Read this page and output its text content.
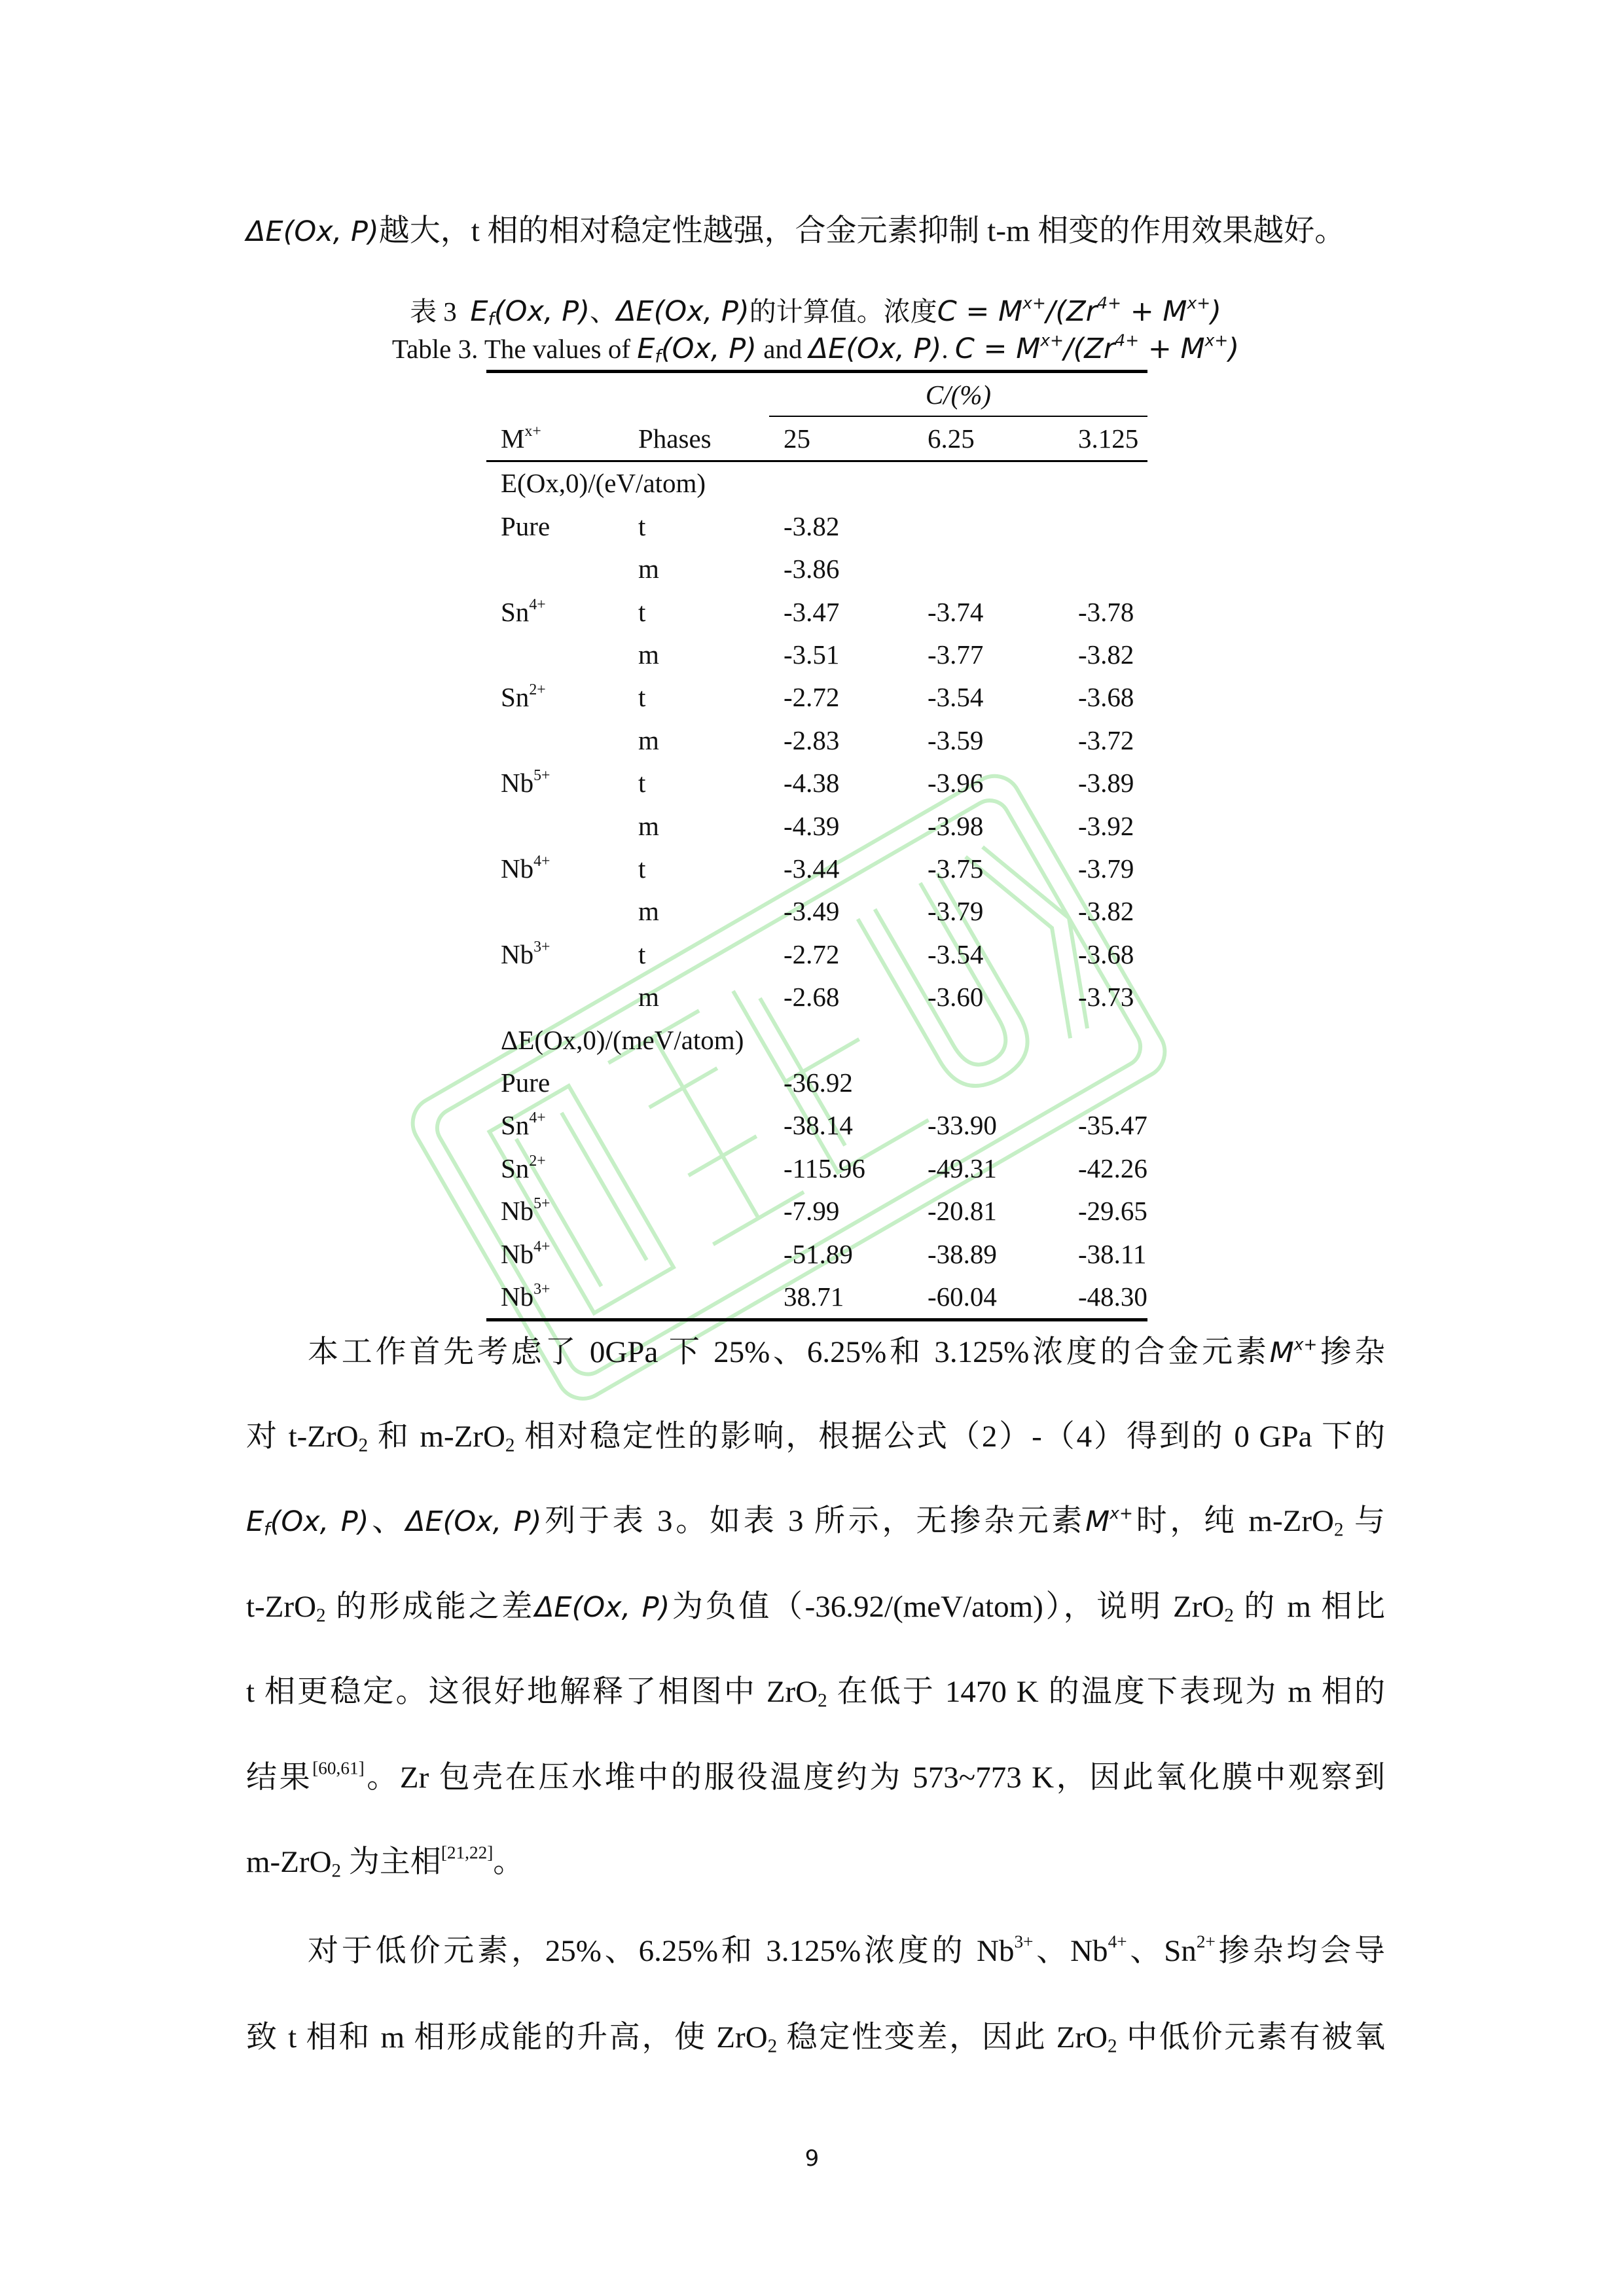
ΔE(Ox, P)越大，t 相的相对稳定性越强，合金元素抑制 t-m 相变的作用效果越好。

表 3 $E_f(Ox$, P)、ΔE(Ox, P)的计算值。浓度$C = M^{x+}/(Zr^{4+} + M^{x+})$

Table 3. The values of $E_f(Ox$, P) and ΔE(Ox, P). $C = M^{x+}/(Zr^{4+} + M^{x+})$

		C/(%)		
$M^{x+}$	Phases	25	6.25	3.125
E(Ox,0)/(eV/atom)				
Pure	t	-3.82		
	m	-3.86		
$Sn^{4+}$	t	-3.47	-3.74	-3.78
	m	-3.51	-3.77	-3.82
$Sn^{2+}$	t	-2.72	-3.54	-3.68
	m	-2.83	-3.59	-3.72
$Nb^{5+}$	t	-4.38	-3.96	-3.89
	m	-4.39	-3.98	-3.92
$Nb^{4+}$	t	-3.44	-3.75	-3.79
	m	-3.49	-3.79	-3.82
$Nb^{3+}$	t	-2.72	-3.54	-3.68
	m	-2.68	-3.60	-3.73
ΔE(Ox,0)/(meV/atom)				
Pure		-36.92		
$Sn^{4+}$		-38.14	-33.90	-35.47
$Sn^{2+}$		-115.96	-49.31	-42.26
$Nb^{5+}$		-7.99	-20.81	-29.65
$Nb^{4+}$		-51.89	-38.89	-38.11
$Nb^{3+}$		38.71	-60.04	-48.30

本工作首先考虑了 0GPa 下 25%、6.25%和 3.125%浓度的合金元素$M^{x+}$掺杂

对 t-ZrO$_2$ 和 m-ZrO$_2$ 相对稳定性的影响，根据公式（2）-（4）得到的 0 GPa 下的

$E_f(Ox$, P)、ΔE(Ox, P)列于表 3。如表 3 所示，无掺杂元素$M^{x+}$时，纯 m-ZrO$_2$ 与

t-ZrO$_2$ 的形成能之差ΔE(Ox, P)为负值（-36.92/(meV/atom)），说明 ZrO$_2$ 的 m 相比

t 相更稳定。这很好地解释了相图中 ZrO$_2$ 在低于 1470 K 的温度下表现为 m 相的

结果[60,61]。Zr 包壳在压水堆中的服役温度约为 573~773 K，因此氧化膜中观察到

m-ZrO$_2$ 为主相[21,22]。

对于低价元素，25%、6.25%和 3.125%浓度的 $Nb^{3+}$、$Nb^{4+}$、$Sn^{2+}$掺杂均会导

致 t 相和 m 相形成能的升高，使 ZrO$_2$ 稳定性变差，因此 ZrO$_2$ 中低价元素有被氧

9
